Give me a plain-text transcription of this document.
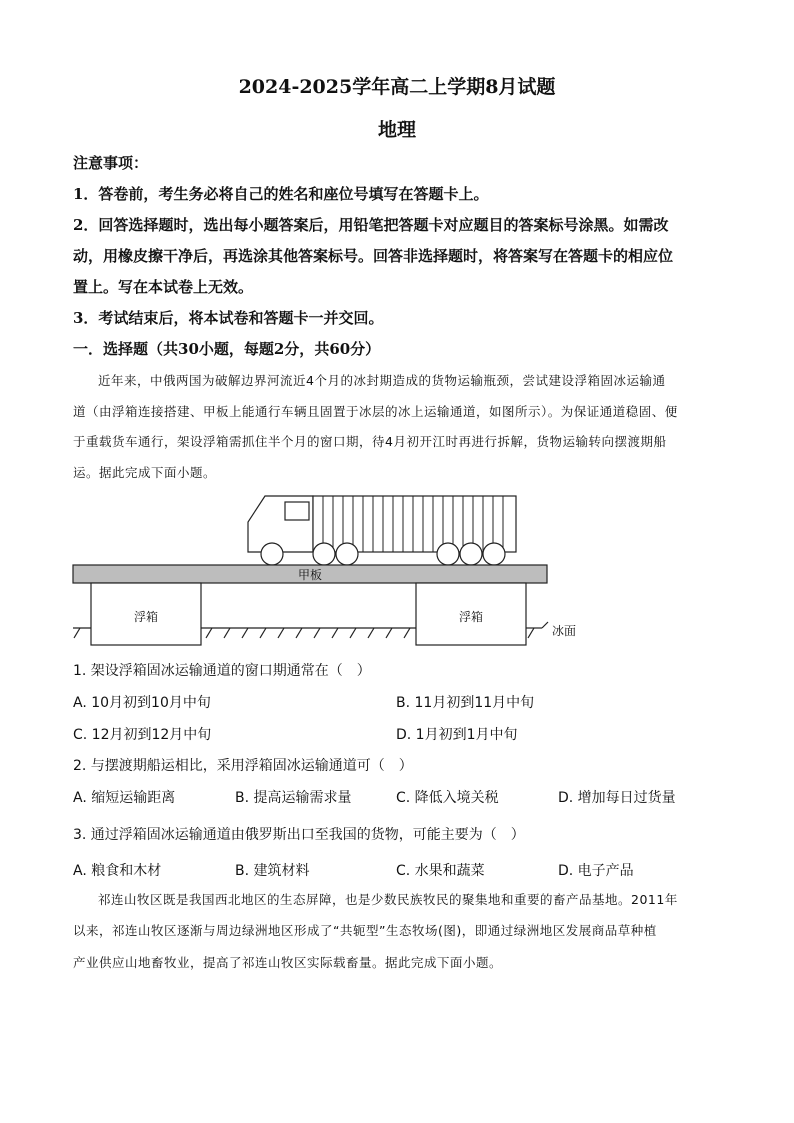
2024-2025学年高二上学期8月试题
地理
注意事项：
1．答卷前，考生务必将自己的姓名和座位号填写在答题卡上。
2．回答选择题时，选出每小题答案后，用铅笔把答题卡对应题目的答案标号涂黑。如需改
动，用橡皮擦干净后，再选涂其他答案标号。回答非选择题时，将答案写在答题卡的相应位
置上。写在本试卷上无效。
3．考试结束后，将本试卷和答题卡一并交回。
一．选择题（共30小题，每题2分，共60分）
近年来，中俄两国为破解边界河流近4个月的冰封期造成的货物运输瓶颈，尝试建设浮箱固冰运输通
道（由浮箱连接搭建、甲板上能通行车辆且固置于冰层的冰上运输通道，如图所示）。为保证通道稳固、便
于重载货车通行，架设浮箱需抓住半个月的窗口期，待4月初开江时再进行拆解，货物运输转向摆渡期船
运。据此完成下面小题。
甲板
浮箱	浮箱
冰面
1. 架设浮箱固冰运输通道的窗口期通常在（　）
A. 10月初到10月中旬	B. 11月初到11月中旬
C. 12月初到12月中旬	D. 1月初到1月中旬
2. 与摆渡期船运相比，采用浮箱固冰运输通道可（　）
A. 缩短运输距离	B. 提高运输需求量	C. 降低入境关税	D. 增加每日过货量
3. 通过浮箱固冰运输通道由俄罗斯出口至我国的货物，可能主要为（　）
A. 粮食和木材	B. 建筑材料	C. 水果和蔬菜	D. 电子产品
祁连山牧区既是我国西北地区的生态屏障，也是少数民族牧民的聚集地和重要的畜产品基地。2011年
以来，祁连山牧区逐渐与周边绿洲地区形成了“共轭型”生态牧场(图)，即通过绿洲地区发展商品草种植
产业供应山地畜牧业，提高了祁连山牧区实际载畜量。据此完成下面小题。
